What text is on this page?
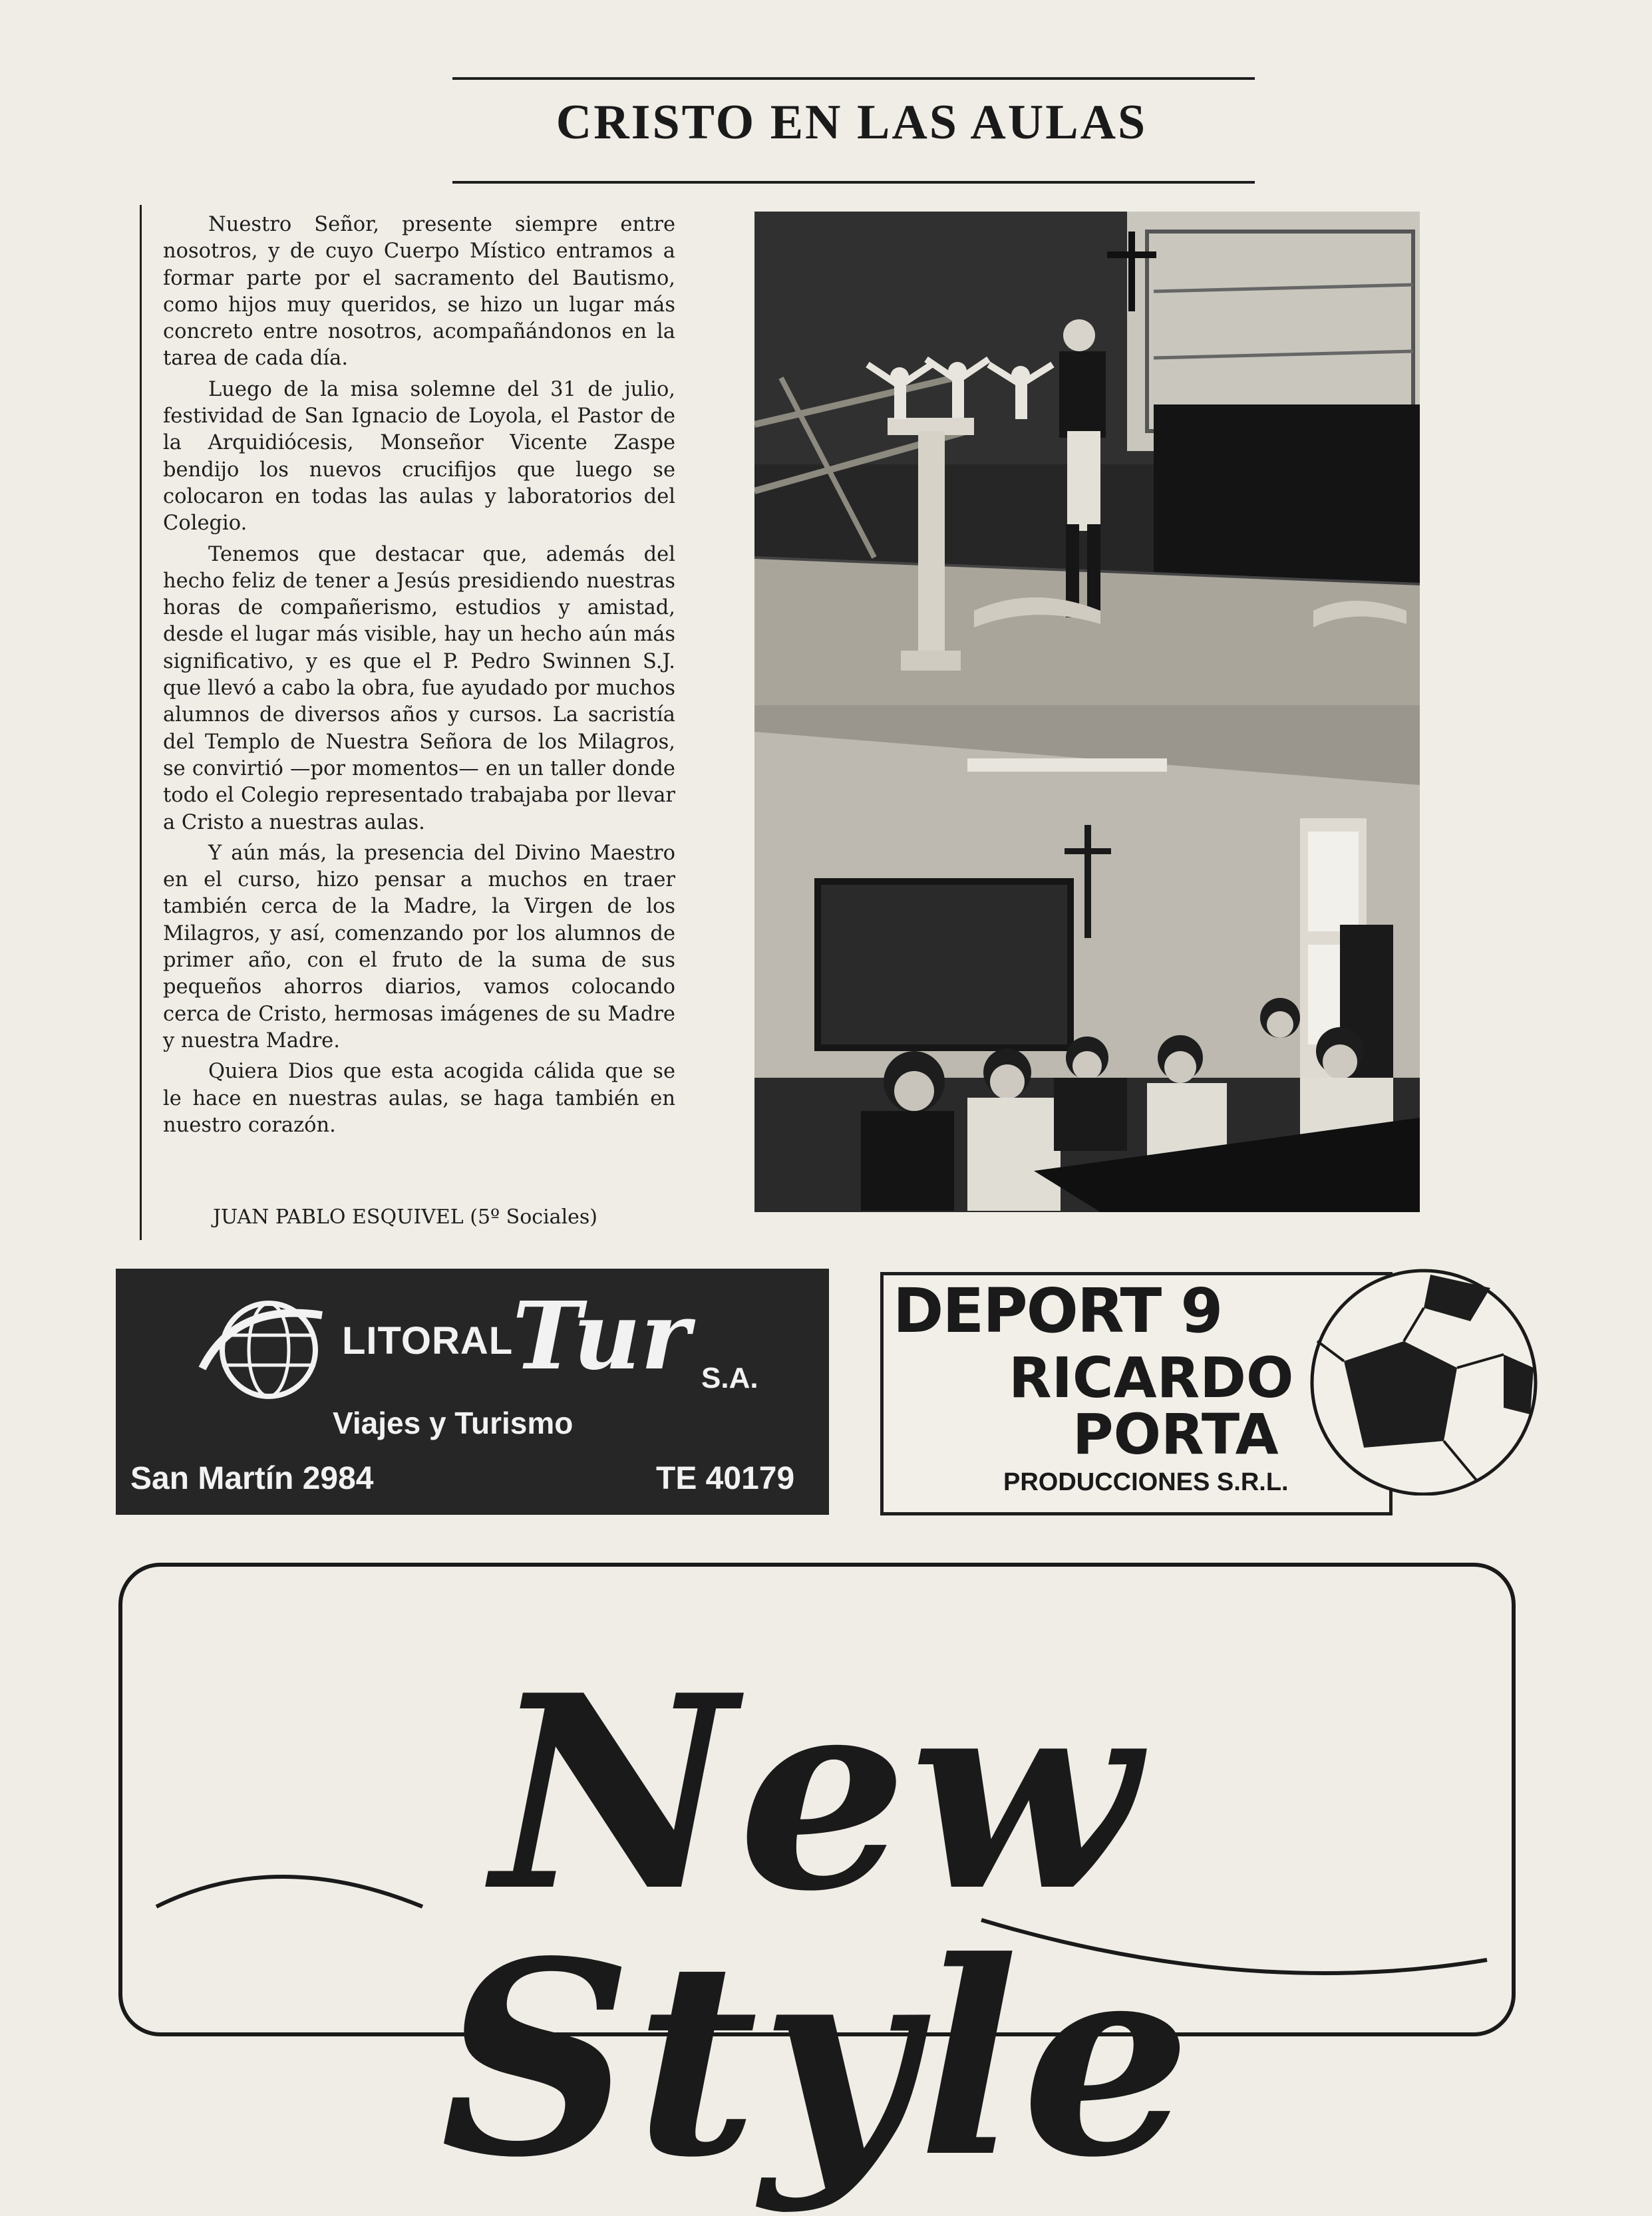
CRISTO EN LAS AULAS

Nuestro Señor, presente siempre entre nosotros, y de cuyo Cuerpo Místico entramos a formar parte por el sacramento del Bautismo, como hijos muy queridos, se hizo un lugar más concreto entre nosotros, acompañándonos en la tarea de cada día.

Luego de la misa solemne del 31 de julio, festividad de San Ignacio de Loyola, el Pastor de la Arquidiócesis, Monseñor Vicente Zaspe bendijo los nuevos crucifijos que luego se colocaron en todas las aulas y laboratorios del Colegio.

Tenemos que destacar que, además del hecho feliz de tener a Jesús presidiendo nuestras horas de compañerismo, estudios y amistad, desde el lugar más visible, hay un hecho aún más significativo, y es que el P. Pedro Swinnen S.J. que llevó a cabo la obra, fue ayudado por muchos alumnos de diversos años y cursos. La sacristía del Templo de Nuestra Señora de los Milagros, se convirtió —por momentos— en un taller donde todo el Colegio representado trabajaba por llevar a Cristo a nuestras aulas.

Y aún más, la presencia del Divino Maestro en el curso, hizo pensar a muchos en traer también cerca de la Madre, la Virgen de los Milagros, y así, comenzando por los alumnos de primer año, con el fruto de la suma de sus pequeños ahorros diarios, vamos colocando cerca de Cristo, hermosas imágenes de su Madre y nuestra Madre.

Quiera Dios que esta acogida cálida que se le hace en nuestras aulas, se haga también en nuestro corazón.

JUAN PABLO ESQUIVEL (5º Sociales)
LITORAL
Tur S.A.
Viajes y Turismo
San Martín 2984	TE 40179
DEPORT 9
RICARDO
PORTA
PRODUCCIONES S.R.L.
New Style
